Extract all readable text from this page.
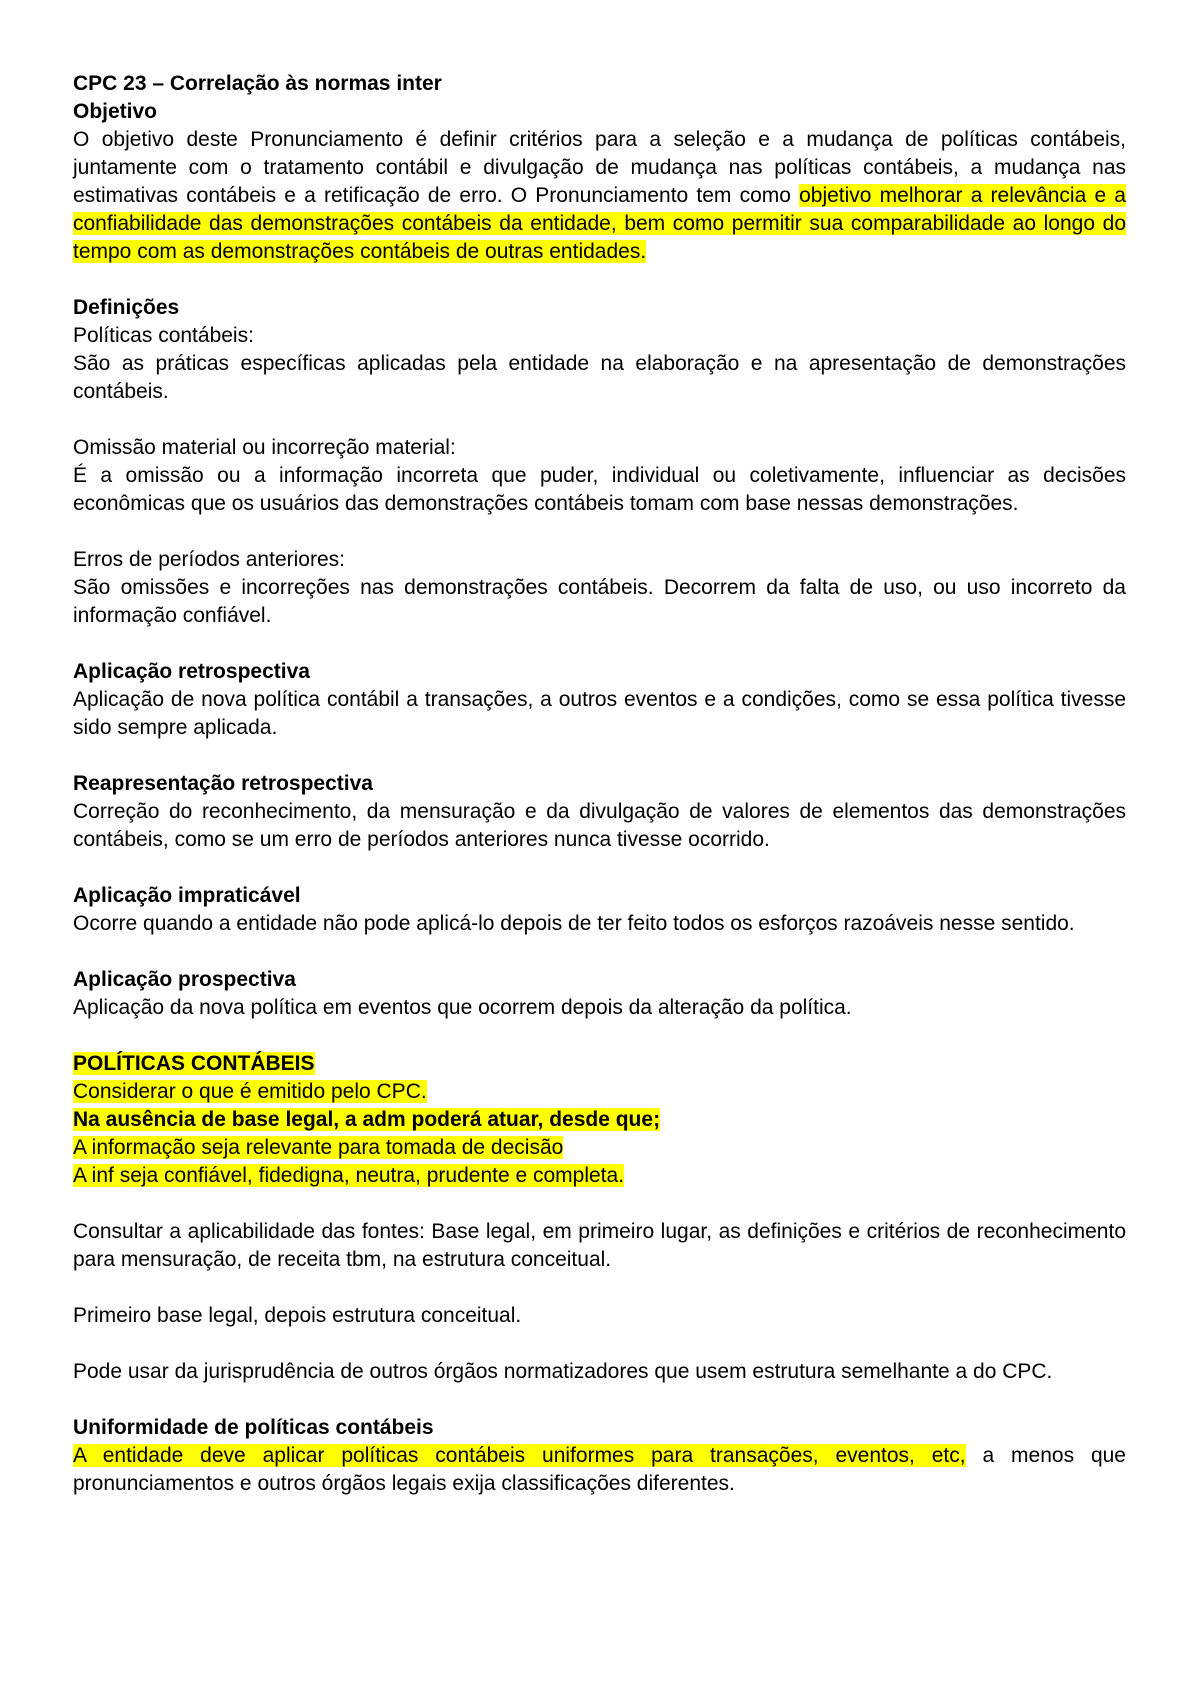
CPC 23 – Correlação às normas inter

Objetivo

O objetivo deste Pronunciamento é definir critérios para a seleção e a mudança de políticas contábeis, juntamente com o tratamento contábil e divulgação de mudança nas políticas contábeis, a mudança nas estimativas contábeis e a retificação de erro. O Pronunciamento tem como objetivo melhorar a relevância e a confiabilidade das demonstrações contábeis da entidade, bem como permitir sua comparabilidade ao longo do tempo com as demonstrações contábeis de outras entidades.

Definições

Políticas contábeis:

São as práticas específicas aplicadas pela entidade na elaboração e na apresentação de demonstrações contábeis.

Omissão material ou incorreção material:

É a omissão ou a informação incorreta que puder, individual ou coletivamente, influenciar as decisões econômicas que os usuários das demonstrações contábeis tomam com base nessas demonstrações.

Erros de períodos anteriores:

São omissões e incorreções nas demonstrações contábeis. Decorrem da falta de uso, ou uso incorreto da informação confiável.

Aplicação retrospectiva

Aplicação de nova política contábil a transações, a outros eventos e a condições, como se essa política tivesse sido sempre aplicada.

Reapresentação retrospectiva

Correção do reconhecimento, da mensuração e da divulgação de valores de elementos das demonstrações contábeis, como se um erro de períodos anteriores nunca tivesse ocorrido.

Aplicação impraticável

Ocorre quando a entidade não pode aplicá-lo depois de ter feito todos os esforços razoáveis nesse sentido.

Aplicação prospectiva

Aplicação da nova política em eventos que ocorrem depois da alteração da política.

POLÍTICAS CONTÁBEIS

Considerar o que é emitido pelo CPC.

Na ausência de base legal, a adm poderá atuar, desde que;

A informação seja relevante para tomada de decisão

A inf seja confiável, fidedigna, neutra, prudente e completa.

Consultar a aplicabilidade das fontes: Base legal, em primeiro lugar, as definições e critérios de reconhecimento para mensuração, de receita tbm, na estrutura conceitual.

Primeiro base legal, depois estrutura conceitual.

Pode usar da jurisprudência de outros órgãos normatizadores que usem estrutura semelhante a do CPC.

Uniformidade de políticas contábeis

A entidade deve aplicar políticas contábeis uniformes para transações, eventos, etc, a menos que pronunciamentos e outros órgãos legais exija classificações diferentes.
